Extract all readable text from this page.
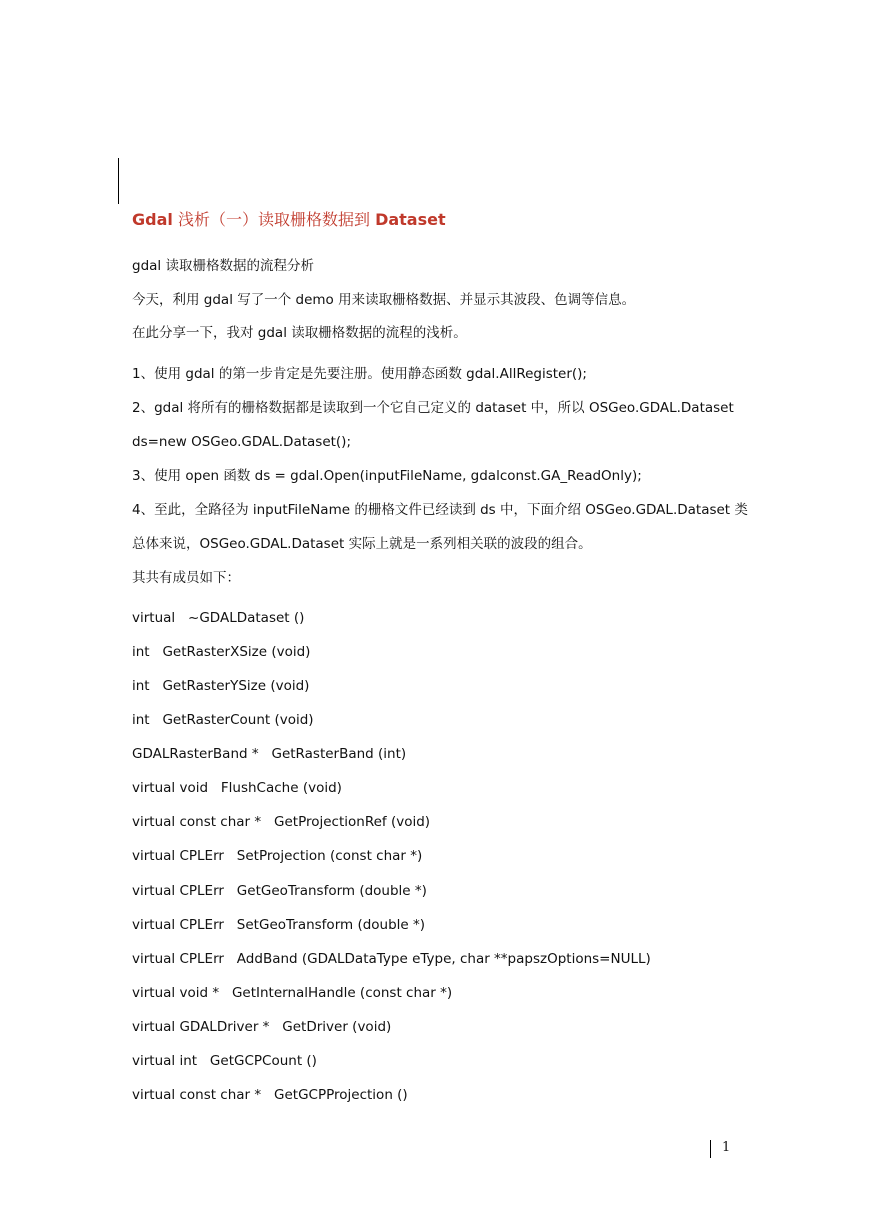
Gdal 浅析（一）读取栅格数据到 Dataset

gdal 读取栅格数据的流程分析

今天，利用 gdal 写了一个 demo 用来读取栅格数据、并显示其波段、色调等信息。

在此分享一下，我对 gdal 读取栅格数据的流程的浅析。

1、使用 gdal 的第一步肯定是先要注册。使用静态函数 gdal.AllRegister();

2、gdal 将所有的栅格数据都是读取到一个它自己定义的 dataset 中，所以 OSGeo.GDAL.Dataset

ds=new OSGeo.GDAL.Dataset();

3、使用 open 函数 ds = gdal.Open(inputFileName, gdalconst.GA_ReadOnly);

4、至此，全路径为 inputFileName 的栅格文件已经读到 ds 中，下面介绍 OSGeo.GDAL.Dataset 类

总体来说，OSGeo.GDAL.Dataset 实际上就是一系列相关联的波段的组合。

其共有成员如下：

virtual   ~GDALDataset ()

int   GetRasterXSize (void)

int   GetRasterYSize (void)

int   GetRasterCount (void)

GDALRasterBand *   GetRasterBand (int)

virtual void   FlushCache (void)

virtual const char *   GetProjectionRef (void)

virtual CPLErr   SetProjection (const char *)

virtual CPLErr   GetGeoTransform (double *)

virtual CPLErr   SetGeoTransform (double *)

virtual CPLErr   AddBand (GDALDataType eType, char **papszOptions=NULL)

virtual void *   GetInternalHandle (const char *)

virtual GDALDriver *   GetDriver (void)

virtual int   GetGCPCount ()

virtual const char *   GetGCPProjection ()

1
